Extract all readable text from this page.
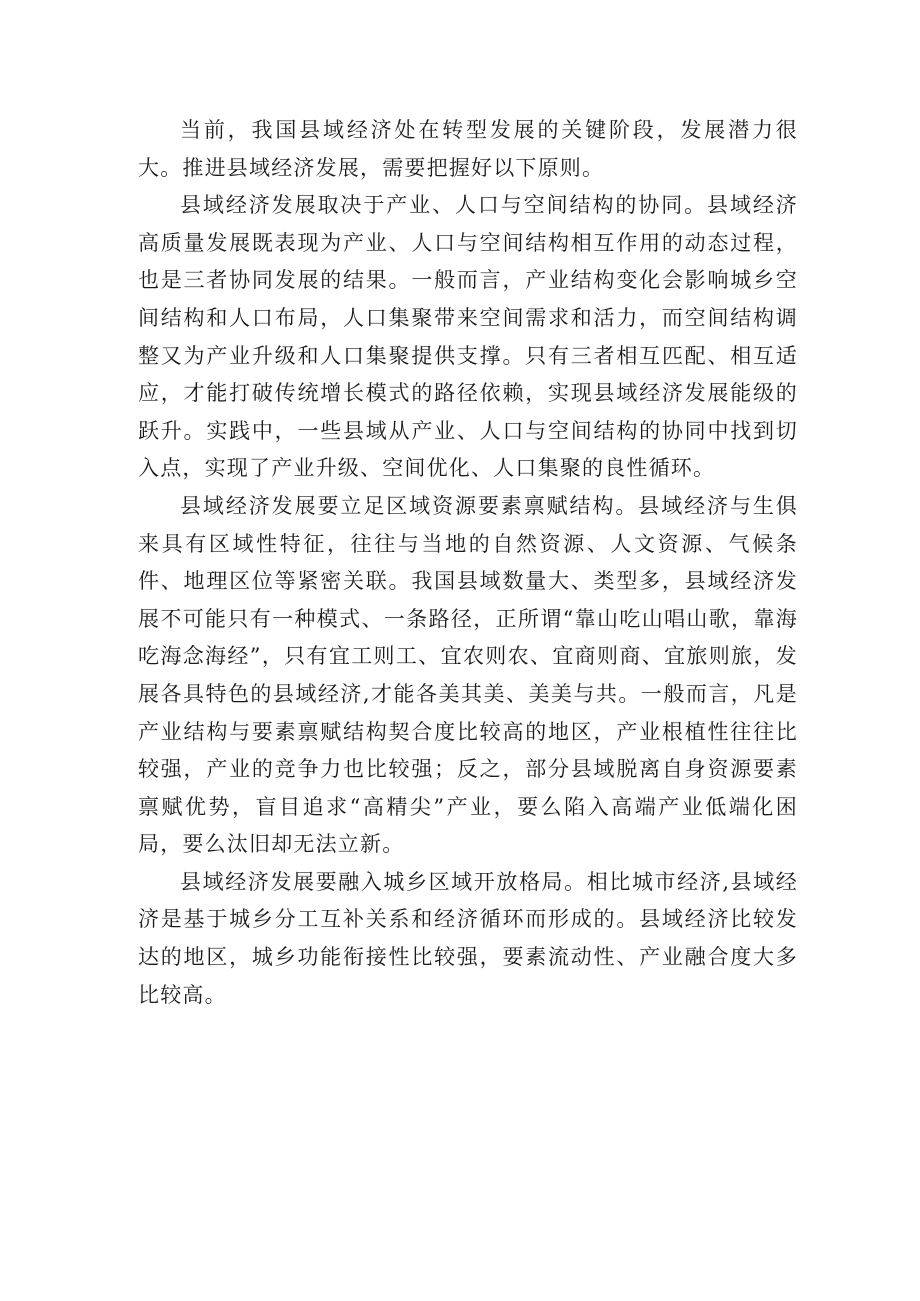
当前，我国县域经济处在转型发展的关键阶段，发展潜力很大。推进县域经济发展，需要把握好以下原则。

县域经济发展取决于产业、人口与空间结构的协同。县域经济高质量发展既表现为产业、人口与空间结构相互作用的动态过程，也是三者协同发展的结果。一般而言，产业结构变化会影响城乡空间结构和人口布局，人口集聚带来空间需求和活力，而空间结构调整又为产业升级和人口集聚提供支撑。只有三者相互匹配、相互适应，才能打破传统增长模式的路径依赖，实现县域经济发展能级的跃升。实践中，一些县域从产业、人口与空间结构的协同中找到切入点，实现了产业升级、空间优化、人口集聚的良性循环。

县域经济发展要立足区域资源要素禀赋结构。县域经济与生俱来具有区域性特征，往往与当地的自然资源、人文资源、气候条件、地理区位等紧密关联。我国县域数量大、类型多，县域经济发展不可能只有一种模式、一条路径，正所谓“靠山吃山唱山歌，靠海吃海念海经”，只有宜工则工、宜农则农、宜商则商、宜旅则旅，发展各具特色的县域经济,才能各美其美、美美与共。一般而言，凡是产业结构与要素禀赋结构契合度比较高的地区，产业根植性往往比较强，产业的竞争力也比较强；反之，部分县域脱离自身资源要素禀赋优势，盲目追求“高精尖”产业，要么陷入高端产业低端化困局，要么汰旧却无法立新。

县域经济发展要融入城乡区域开放格局。相比城市经济,县域经济是基于城乡分工互补关系和经济循环而形成的。县域经济比较发达的地区，城乡功能衔接性比较强，要素流动性、产业融合度大多比较高。
